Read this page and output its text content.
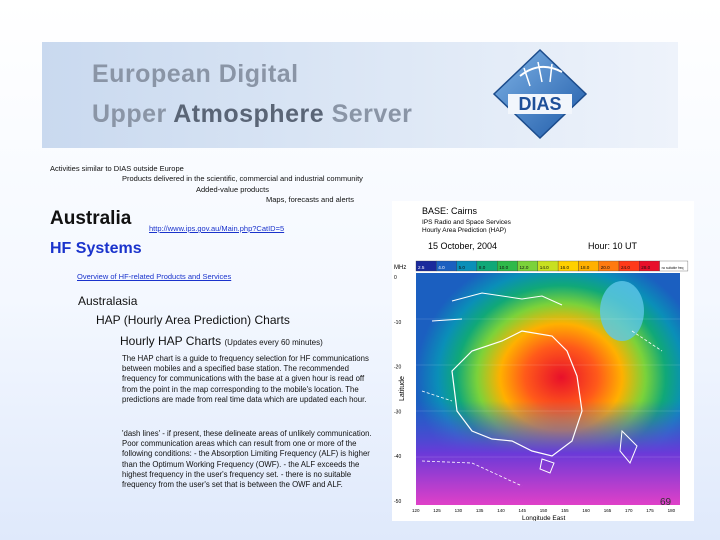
European Digital
Upper Atmosphere Server	DIAS
Activities similar to DIAS outside Europe
Products delivered in the scientific, commercial and industrial community
Added-value products
Maps, forecasts and alerts
Australia http://www.ips.gov.au/Main.php?CatID=5
HF Systems
Overview of HF-related Products and Services
Australasia
HAP (Hourly Area Prediction) Charts
Hourly HAP Charts (Updates every 60 minutes)
The HAP chart is a guide to frequency selection for HF communications between mobiles and a specified base station. The recommended frequency for communications with the base at a given hour is read off from the point in the map corresponding to the mobile's location. The predictions are made from real time data which are updated each hour.
'dash lines' - if present, these delineate areas of unlikely communication. Poor communication areas which can result from one or more of the following conditions: - the Absorption Limiting Frequency (ALF) is higher than the Optimum Working Frequency (OWF). - the ALF exceeds the highest frequency in the user's frequency set. - there is no suitable frequency from the user's set that is between the OWF and ALF.
BASE: Cairns
IPS Radio and Space Services
Hourly Area Prediction (HAP)
15 October, 2004	Hour: 10 UT
MHz	2.5	4.0	5.0	8.0	10.0 12.0 14.0 16.0 18.0 20.0 24.0 28.0	no suitable freq
Latitude
0
-10
-20
-30
-40
-50
120	125	130	135	140	145	150	155	160	165	170	175	180
Longitude East
69
